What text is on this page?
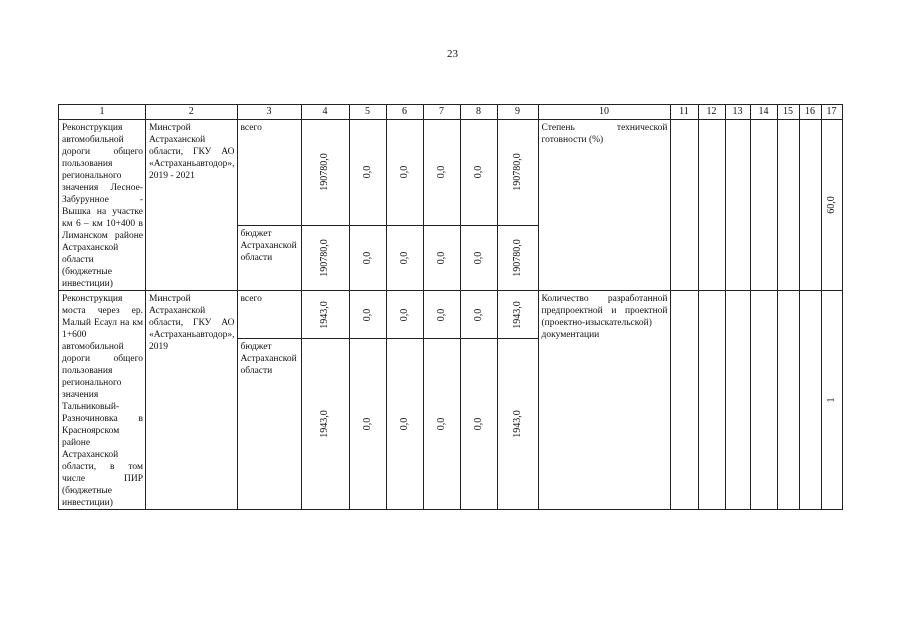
23
1	2	3	4	5	6	7	8	9	10	11	12	13	14	15	16	17

Реконструкция автомобильной дороги общего пользования регионального значения Лесное-Забурунное - Вышка на участке км 6 – км 10+400 в Лиманском районе Астраханской области (бюджетные инвестиции)	Минстрой Астраханской области, ГКУ АО «Астраханьавтодор», 2019 - 2021	всего	190780,0	0,0	0,0	0,0	0,0	190780,0	Степень технической готовности (%)							60,0

		бюджет Астраханской области	190780,0	0,0	0,0	0,0	0,0	190780,0								

Реконструкция моста через ер. Малый Есаул на км 1+600 автомобильной дороги общего пользования регионального значения Тальниковый-Разночиновка в Красноярском районе Астраханской области, в том числе ПИР (бюджетные инвестиции)	Минстрой Астраханской области, ГКУ АО «Астраханьавтодор», 2019	всего	1943,0	0,0	0,0	0,0	0,0	1943,0	Количество разработанной предпроектной и проектной (проектно-изыскательской) документации							1

		бюджет Астраханской области	1943,0	0,0	0,0	0,0	0,0	1943,0								
